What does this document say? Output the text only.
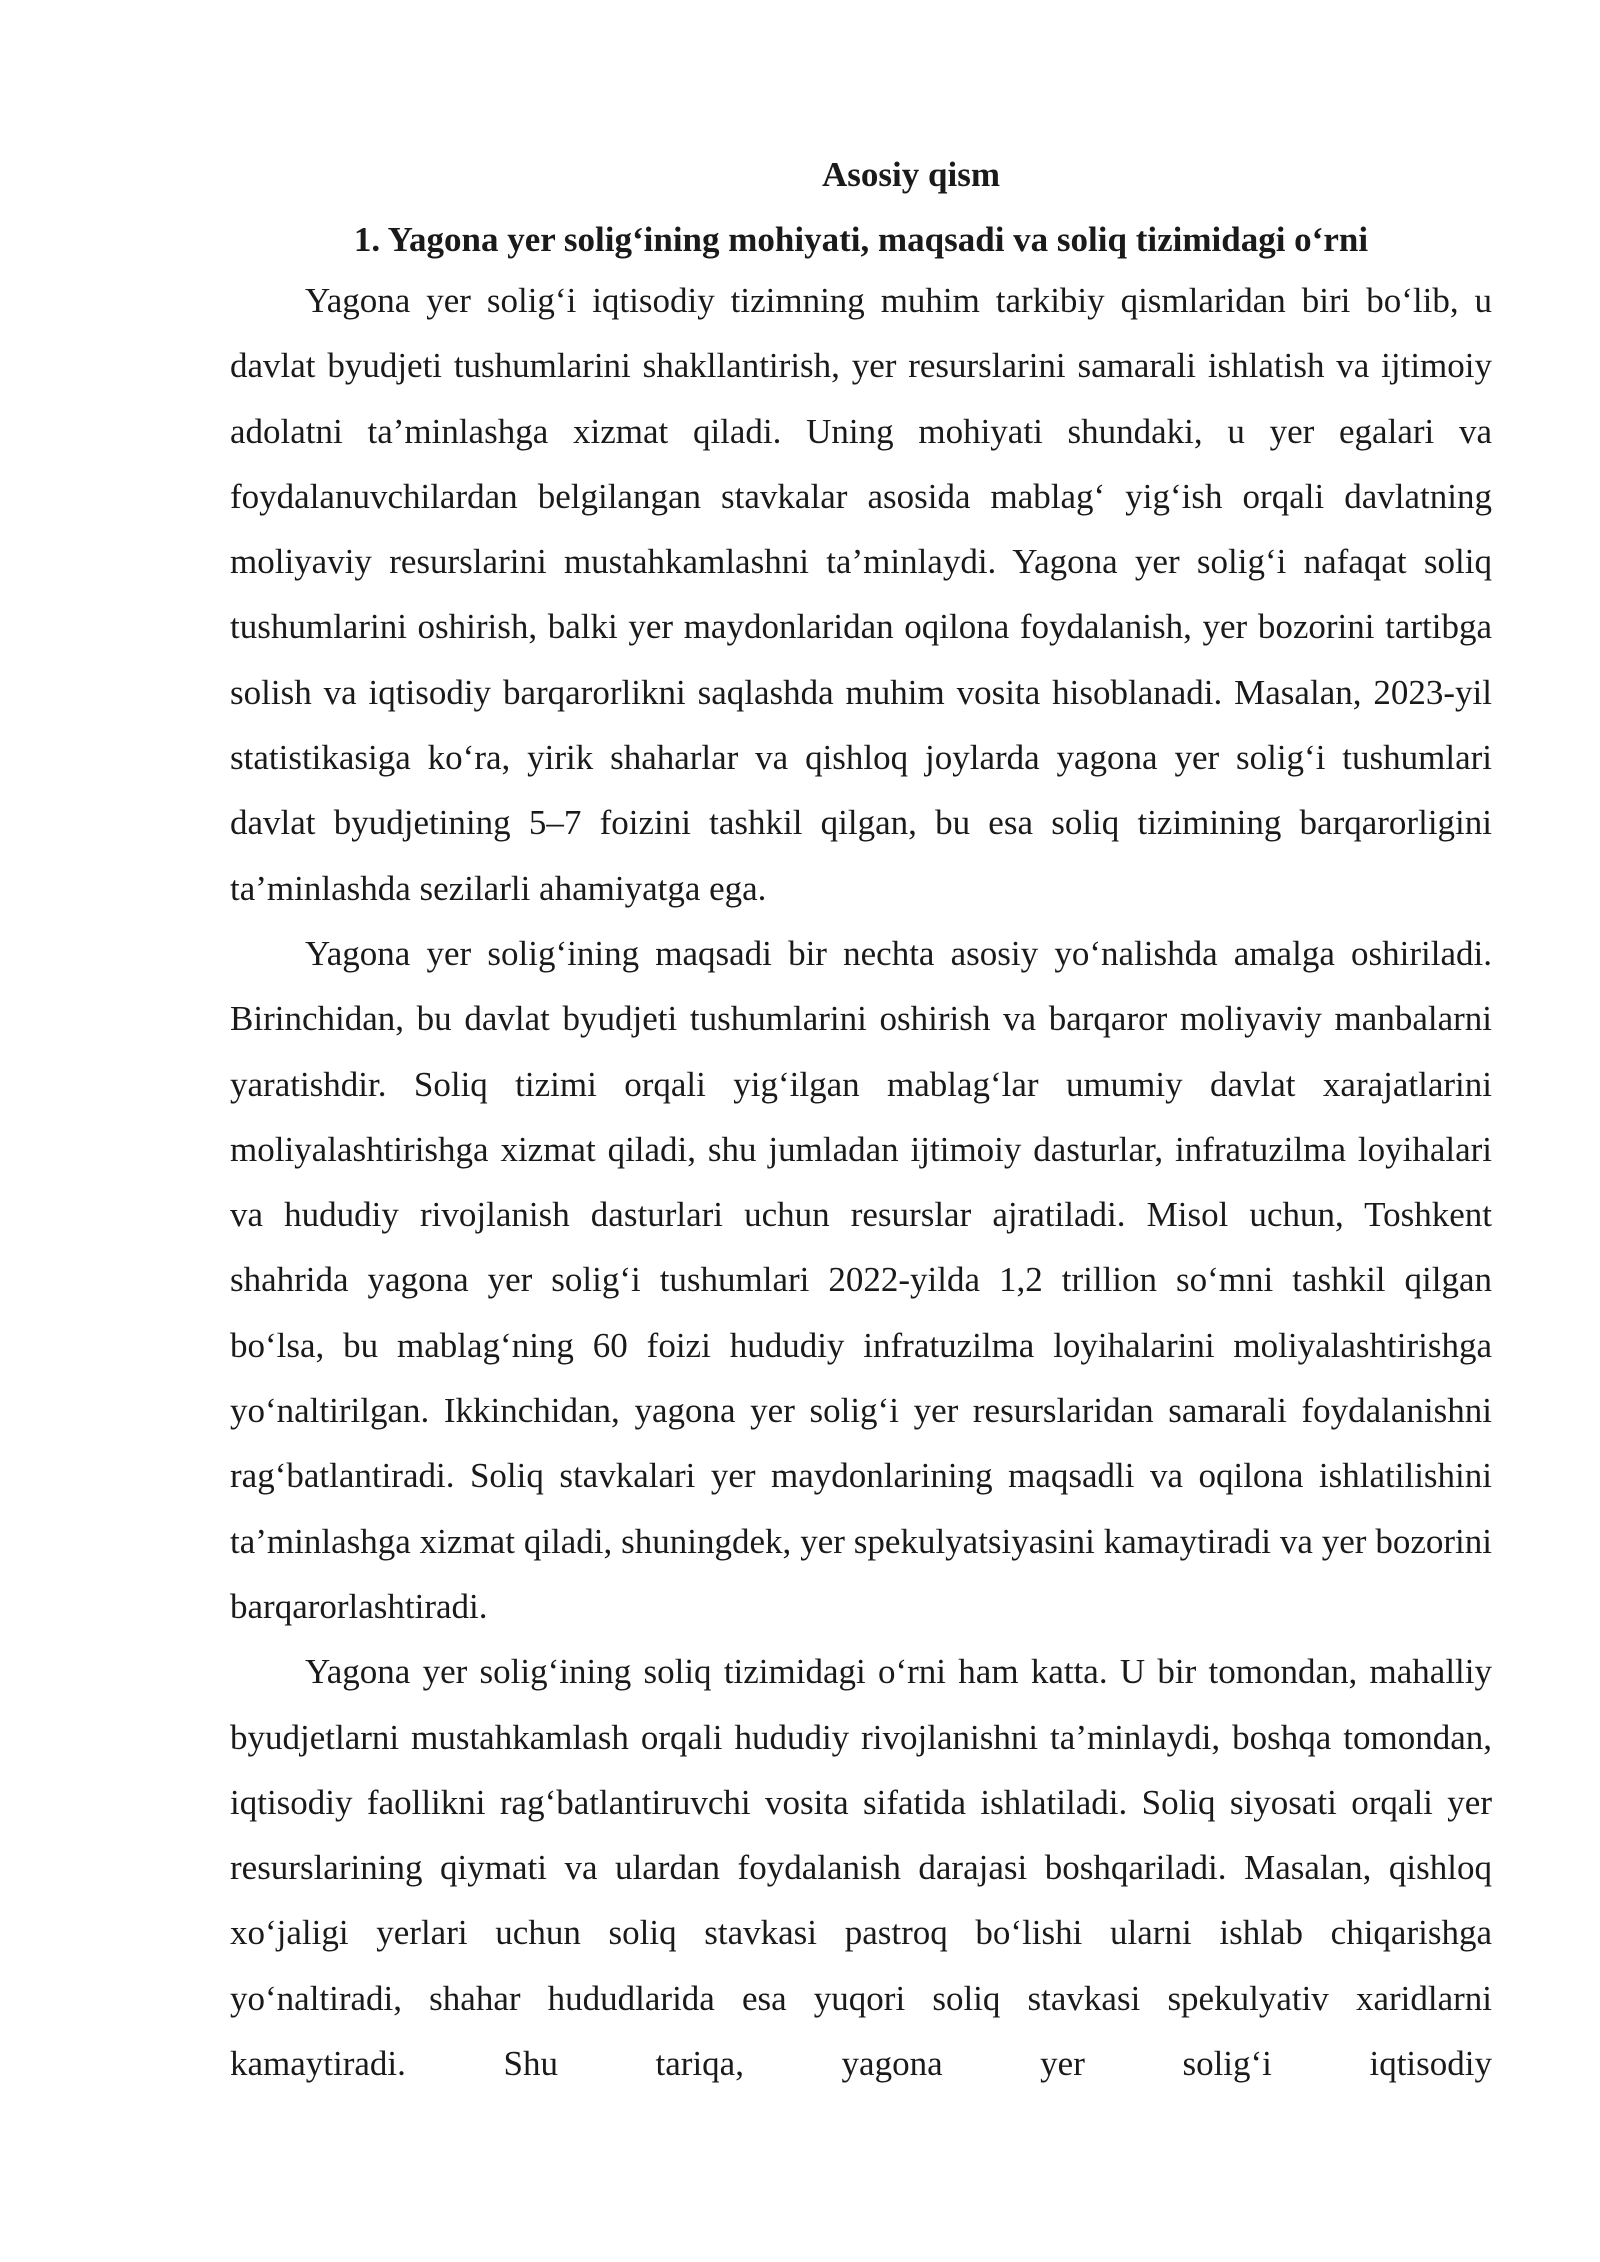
Asosiy qism
1. Yagona yer solig‘ining mohiyati, maqsadi va soliq tizimidagi o‘rni

Yagona yer solig‘i iqtisodiy tizimning muhim tarkibiy qismlaridan biri bo‘lib, u davlat byudjeti tushumlarini shakllantirish, yer resurslarini samarali ishlatish va ijtimoiy adolatni ta’minlashga xizmat qiladi. Uning mohiyati shundaki, u yer egalari va foydalanuvchilardan belgilangan stavkalar asosida mablag‘ yig‘ish orqali davlatning moliyaviy resurslarini mustahkamlashni ta’minlaydi. Yagona yer solig‘i nafaqat soliq tushumlarini oshirish, balki yer maydonlaridan oqilona foydalanish, yer bozorini tartibga solish va iqtisodiy barqarorlikni saqlashda muhim vosita hisoblanadi. Masalan, 2023-yil statistikasiga ko‘ra, yirik shaharlar va qishloq joylarda yagona yer solig‘i tushumlari davlat byudjetining 5–7 foizini tashkil qilgan, bu esa soliq tizimining barqarorligini ta’minlashda sezilarli ahamiyatga ega.

Yagona yer solig‘ining maqsadi bir nechta asosiy yo‘nalishda amalga oshiriladi. Birinchidan, bu davlat byudjeti tushumlarini oshirish va barqaror moliyaviy manbalarni yaratishdir. Soliq tizimi orqali yig‘ilgan mablag‘lar umumiy davlat xarajatlarini moliyalashtirishga xizmat qiladi, shu jumladan ijtimoiy dasturlar, infratuzilma loyihalari va hududiy rivojlanish dasturlari uchun resurslar ajratiladi. Misol uchun, Toshkent shahrida yagona yer solig‘i tushumlari 2022-yilda 1,2 trillion so‘mni tashkil qilgan bo‘lsa, bu mablag‘ning 60 foizi hududiy infratuzilma loyihalarini moliyalashtirishga yo‘naltirilgan. Ikkinchidan, yagona yer solig‘i yer resurslaridan samarali foydalanishni rag‘batlantiradi. Soliq stavkalari yer maydonlarining maqsadli va oqilona ishlatilishini ta’minlashga xizmat qiladi, shuningdek, yer spekulyatsiyasini kamaytiradi va yer bozorini barqarorlashtiradi.

Yagona yer solig‘ining soliq tizimidagi o‘rni ham katta. U bir tomondan, mahalliy byudjetlarni mustahkamlash orqali hududiy rivojlanishni ta’minlaydi, boshqa tomondan, iqtisodiy faollikni rag‘batlantiruvchi vosita sifatida ishlatiladi. Soliq siyosati orqali yer resurslarining qiymati va ulardan foydalanish darajasi boshqariladi. Masalan, qishloq xo‘jaligi yerlari uchun soliq stavkasi pastroq bo‘lishi ularni ishlab chiqarishga yo‘naltiradi, shahar hududlarida esa yuqori soliq stavkasi spekulyativ xaridlarni kamaytiradi. Shu tariqa, yagona yer solig‘i iqtisodiy
